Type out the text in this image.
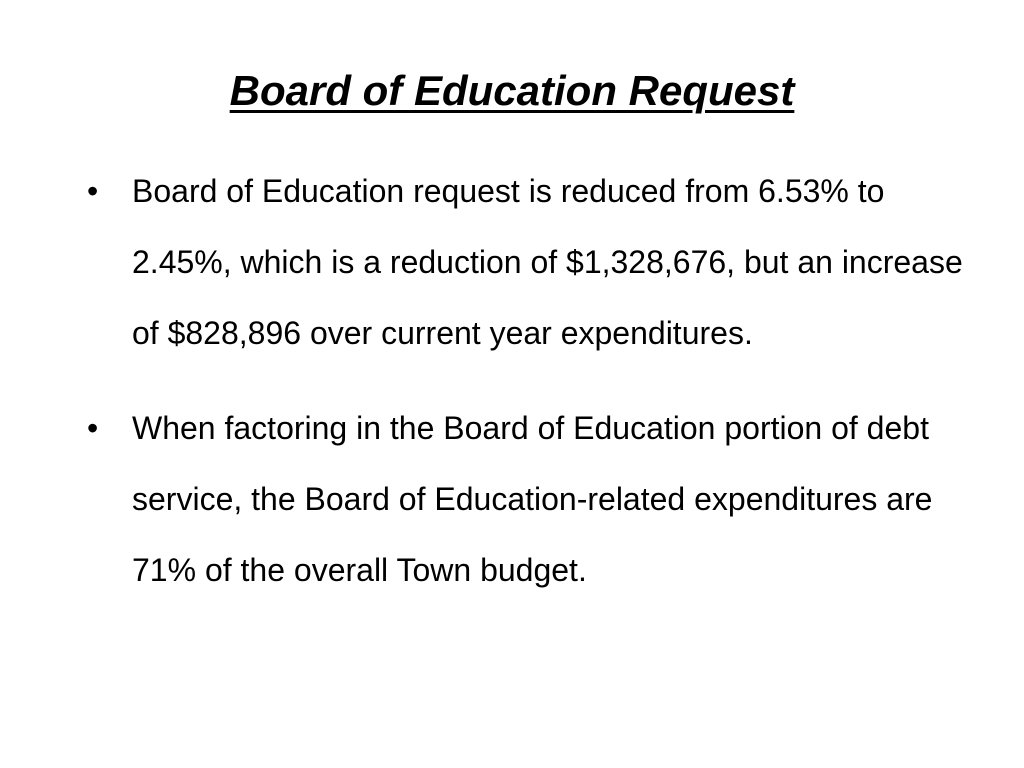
Board of Education Request
• Board of Education request is reduced from 6.53% to 2.45%, which is a reduction of $1,328,676, but an increase of $828,896 over current year expenditures.
• When factoring in the Board of Education portion of debt service, the Board of Education-related expenditures are 71% of the overall Town budget.
